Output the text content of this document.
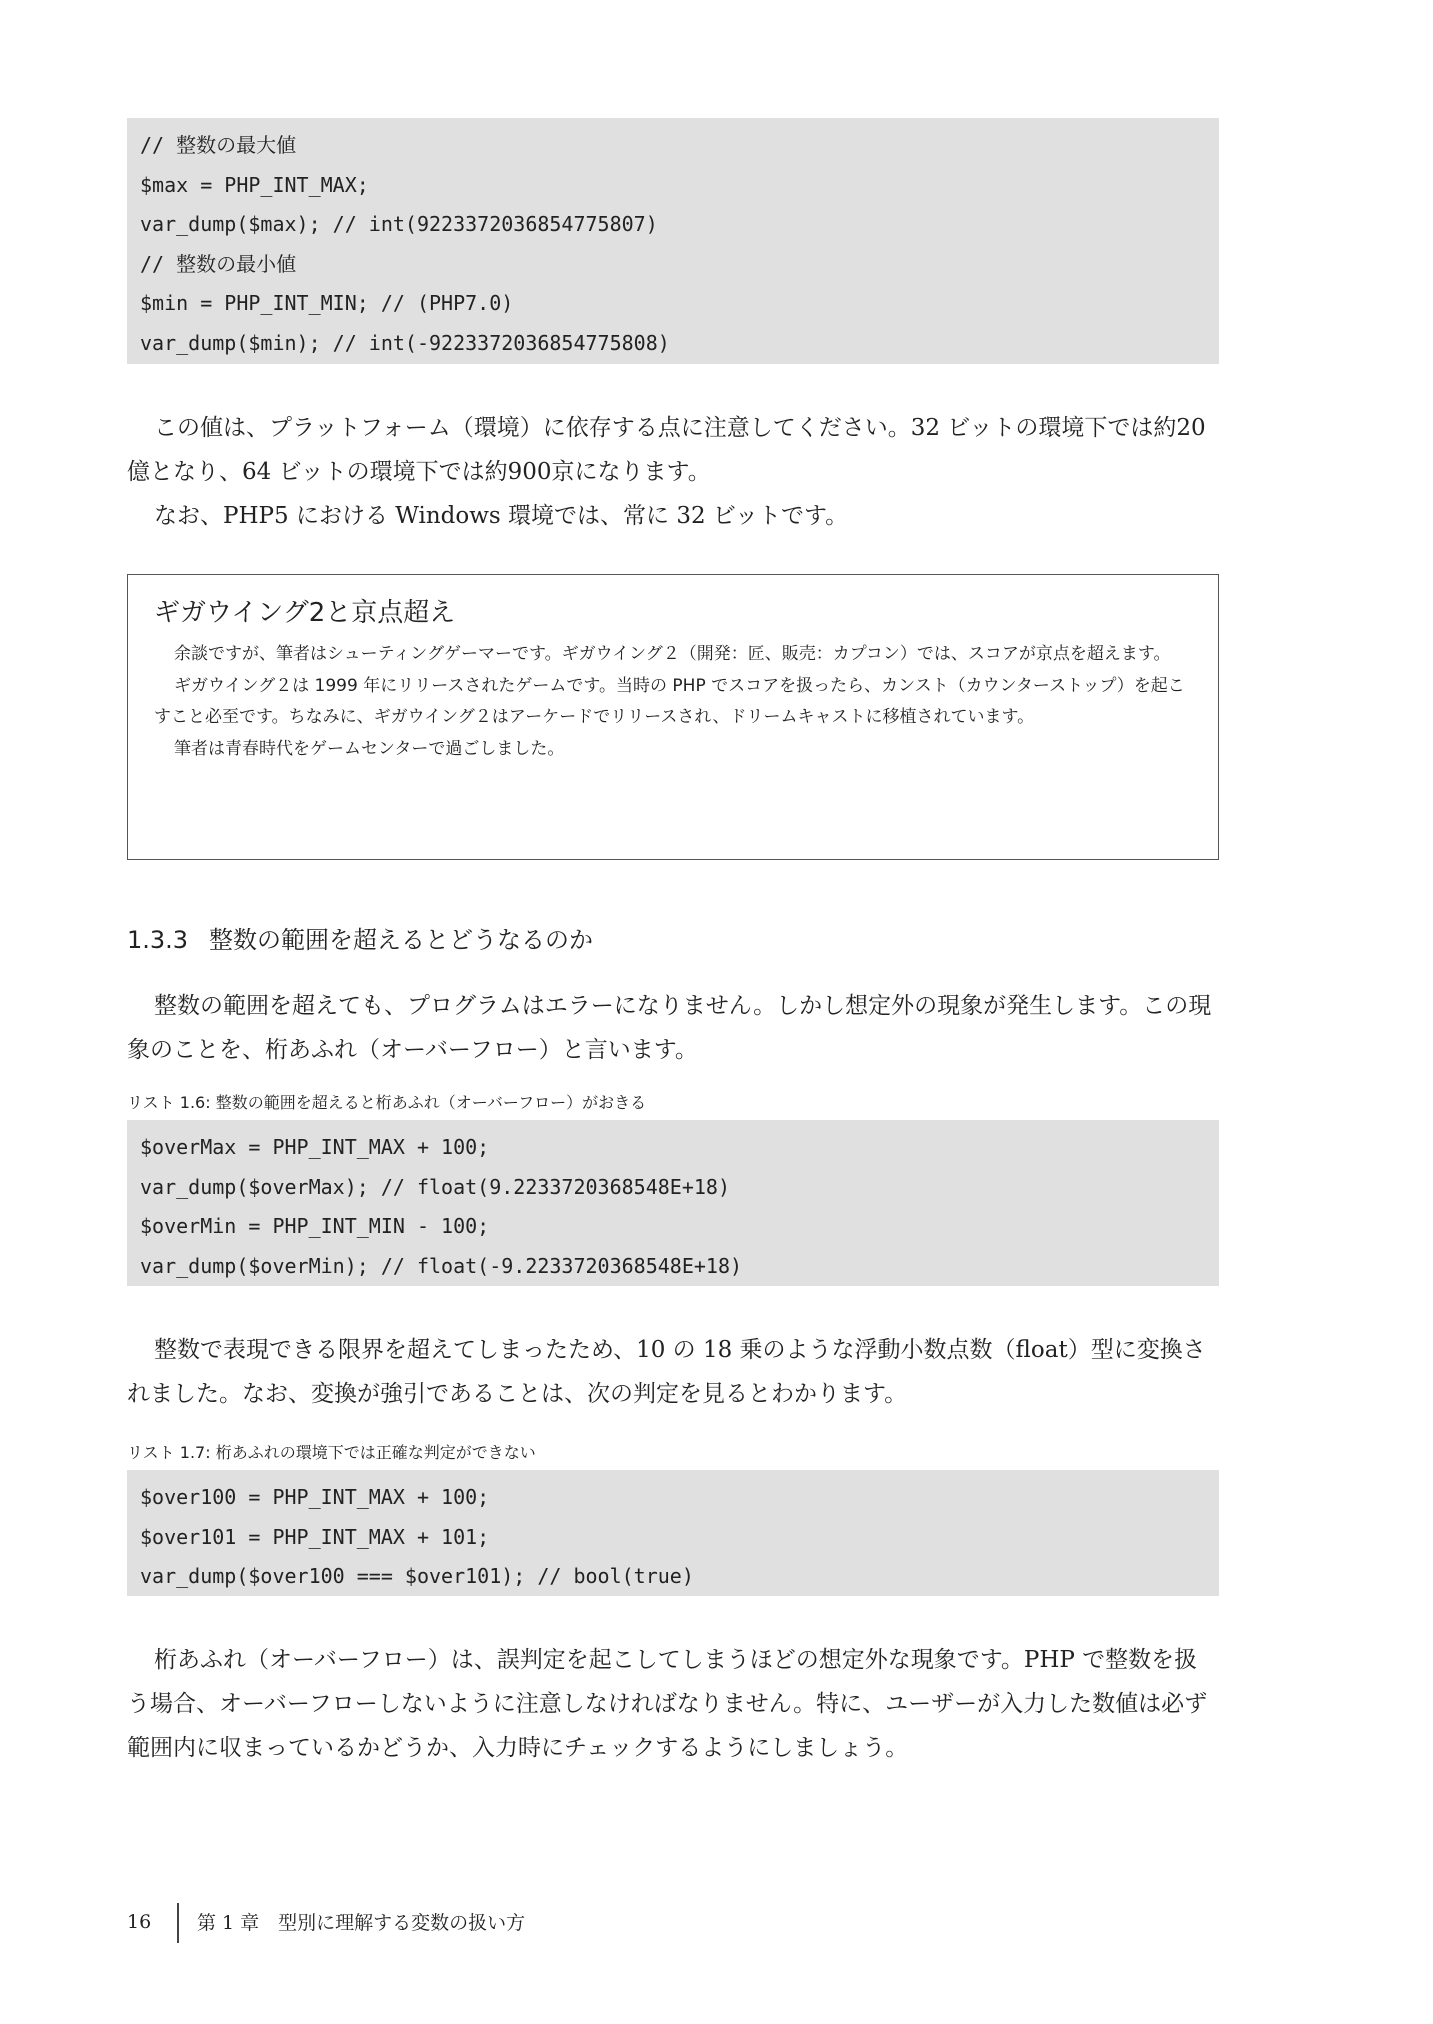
// 整数の最大値
$max = PHP_INT_MAX;
var_dump($max); // int(9223372036854775807)
// 整数の最小値
$min = PHP_INT_MIN; // (PHP7.0)
var_dump($min); // int(-9223372036854775808)

この値は、プラットフォーム（環境）に依存する点に注意してください。32 ビットの環境下では約20億となり、64 ビットの環境下では約900京になります。

なお、PHP5 における Windows 環境では、常に 32 ビットです。

ギガウイング2と京点超え

余談ですが、筆者はシューティングゲーマーです。ギガウイング２（開発：匠、販売：カプコン）では、スコアが京点を超えます。

ギガウイング２は 1999 年にリリースされたゲームです。当時の PHP でスコアを扱ったら、カンスト（カウンターストップ）を起こすこと必至です。ちなみに、ギガウイング２はアーケードでリリースされ、ドリームキャストに移植されています。

筆者は青春時代をゲームセンターで過ごしました。

1.3.3 整数の範囲を超えるとどうなるのか

整数の範囲を超えても、プログラムはエラーになりません。しかし想定外の現象が発生します。この現象のことを、桁あふれ（オーバーフロー）と言います。

リスト 1.6: 整数の範囲を超えると桁あふれ（オーバーフロー）がおきる
$overMax = PHP_INT_MAX + 100;
var_dump($overMax); // float(9.2233720368548E+18)
$overMin = PHP_INT_MIN - 100;
var_dump($overMin); // float(-9.2233720368548E+18)

整数で表現できる限界を超えてしまったため、10 の 18 乗のような浮動小数点数（float）型に変換されました。なお、変換が強引であることは、次の判定を見るとわかります。

リスト 1.7: 桁あふれの環境下では正確な判定ができない
$over100 = PHP_INT_MAX + 100;
$over101 = PHP_INT_MAX + 101;
var_dump($over100 === $over101); // bool(true)

桁あふれ（オーバーフロー）は、誤判定を起こしてしまうほどの想定外な現象です。PHP で整数を扱う場合、オーバーフローしないように注意しなければなりません。特に、ユーザーが入力した数値は必ず範囲内に収まっているかどうか、入力時にチェックするようにしましょう。

16 第 1 章　型別に理解する変数の扱い方
